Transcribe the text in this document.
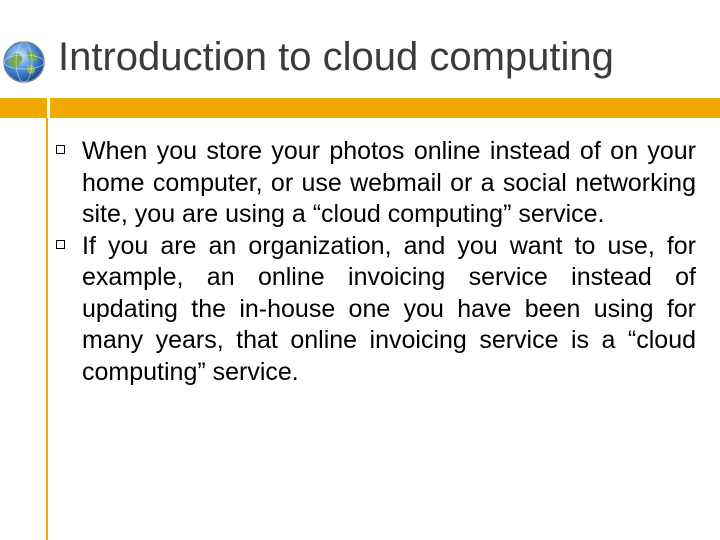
Introduction to cloud computing
When you store your photos online instead of on your home computer, or use webmail or a social networking site, you are using a “cloud computing” service.
If you are an organization, and you want to use, for example, an online invoicing service instead of updating the in-house one you have been using for many years, that online invoicing service is a “cloud computing” service.
